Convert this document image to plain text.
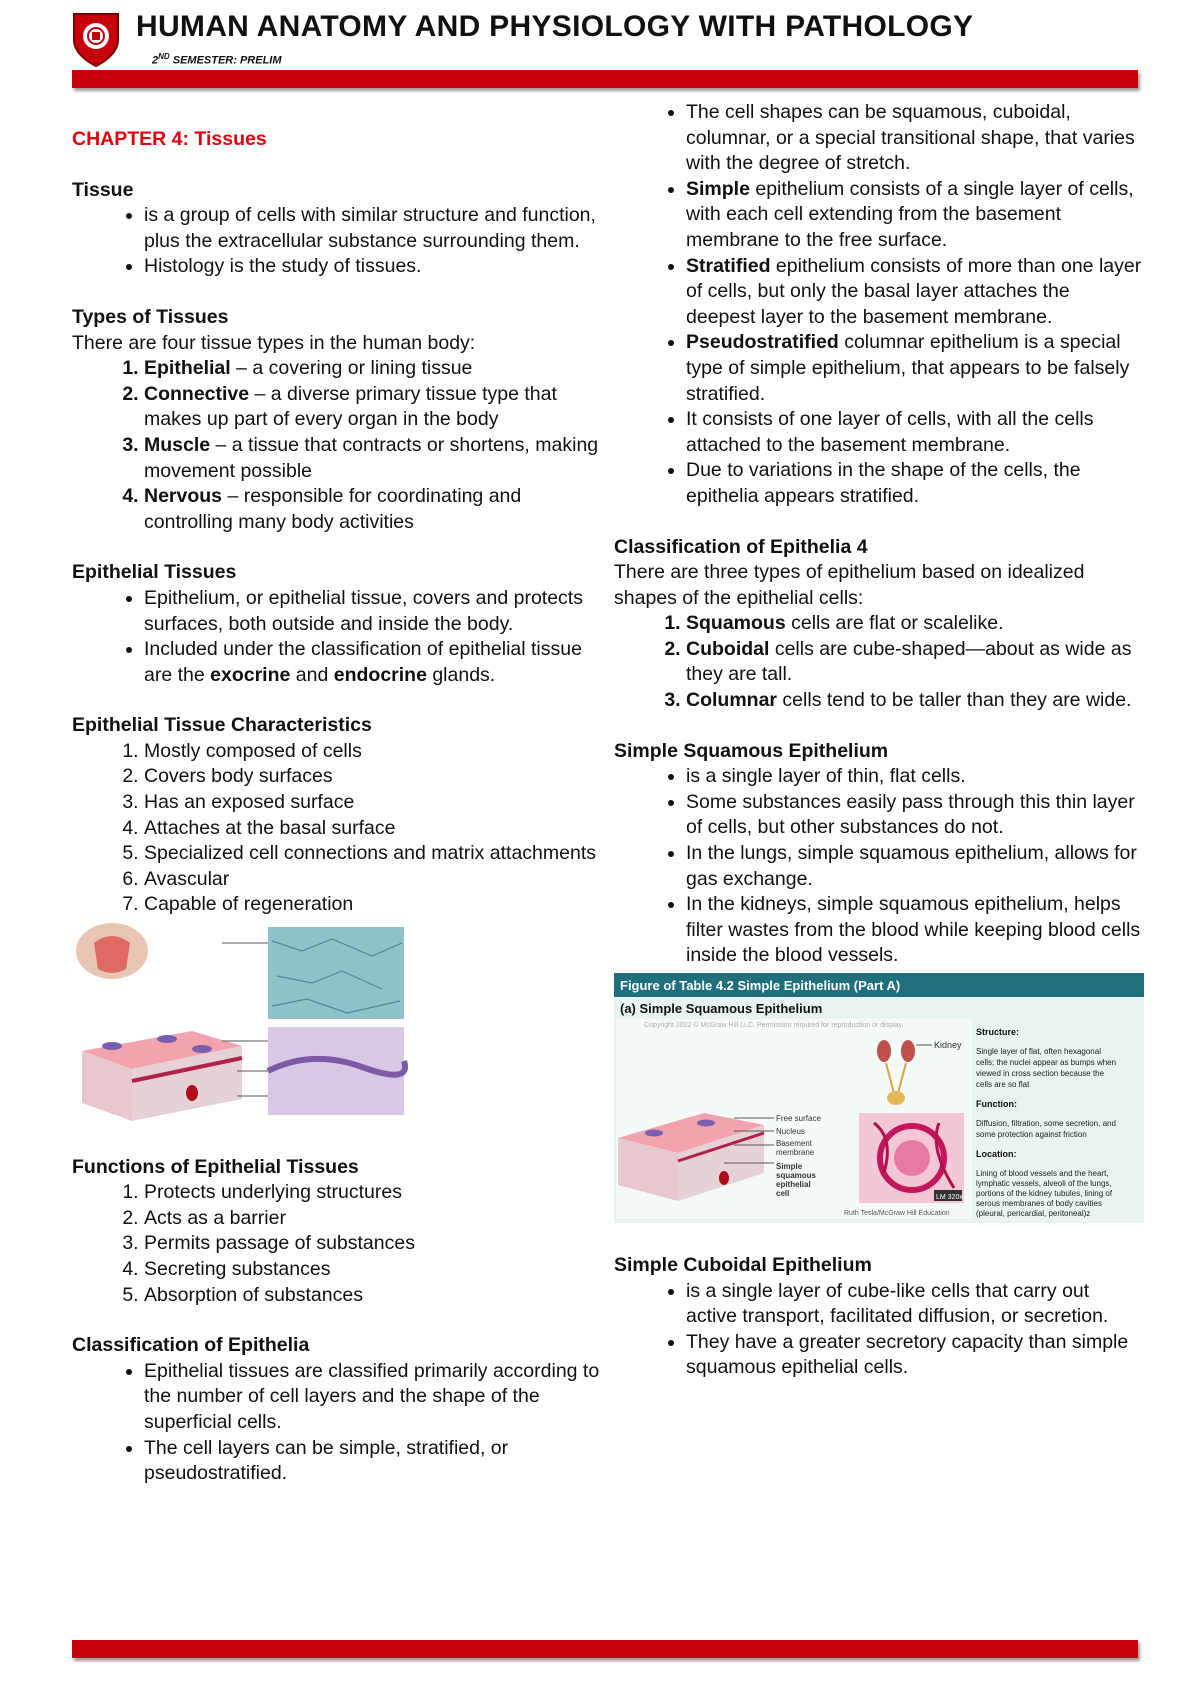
HUMAN ANATOMY AND PHYSIOLOGY WITH PATHOLOGY
2ND SEMESTER: PRELIM

CHAPTER 4: Tissues

Tissue
• is a group of cells with similar structure and function, plus the extracellular substance surrounding them.
• Histology is the study of tissues.
Types of Tissues

There are four tissue types in the human body:

1. Epithelial – a covering or lining tissue
2. Connective – a diverse primary tissue type that makes up part of every organ in the body
3. Muscle – a tissue that contracts or shortens, making movement possible
4. Nervous – responsible for coordinating and controlling many body activities
Epithelial Tissues
• Epithelium, or epithelial tissue, covers and protects surfaces, both outside and inside the body.
• Included under the classification of epithelial tissue are the exocrine and endocrine glands.
Epithelial Tissue Characteristics
1. Mostly composed of cells
2. Covers body surfaces
3. Has an exposed surface
4. Attaches at the basal surface
5. Specialized cell connections and matrix attachments
6. Avascular
7. Capable of regeneration
Functions of Epithelial Tissues
1. Protects underlying structures
2. Acts as a barrier
3. Permits passage of substances
4. Secreting substances
5. Absorption of substances
Classification of Epithelia
• Epithelial tissues are classified primarily according to the number of cell layers and the shape of the superficial cells.
• The cell layers can be simple, stratified, or pseudostratified.
• The cell shapes can be squamous, cuboidal, columnar, or a special transitional shape, that varies with the degree of stretch.
• Simple epithelium consists of a single layer of cells, with each cell extending from the basement membrane to the free surface.
• Stratified epithelium consists of more than one layer of cells, but only the basal layer attaches the deepest layer to the basement membrane.
• Pseudostratified columnar epithelium is a special type of simple epithelium, that appears to be falsely stratified.
• It consists of one layer of cells, with all the cells attached to the basement membrane.
• Due to variations in the shape of the cells, the epithelia appears stratified.
Classification of Epithelia 4

There are three types of epithelium based on idealized shapes of the epithelial cells:

1. Squamous cells are flat or scalelike.
2. Cuboidal cells are cube-shaped—about as wide as they are tall.
3. Columnar cells tend to be taller than they are wide.
Simple Squamous Epithelium
• is a single layer of thin, flat cells.
• Some substances easily pass through this thin layer of cells, but other substances do not.
• In the lungs, simple squamous epithelium, allows for gas exchange.
• In the kidneys, simple squamous epithelium, helps filter wastes from the blood while keeping blood cells inside the blood vessels.
Figure of Table 4.2 Simple Epithelium (Part A)
(a) Simple Squamous Epithelium
Kidney
Free surface
Nucleus
Basement
membrane
Simple
squamous
epithelial
cell	LM 320x
Ruth Tesla/McGraw Hill Education
Structure:
Single layer of flat, often hexagonal
cells; the nuclei appear as bumps when
viewed in cross section because the
cells are so flat
Function:
Diffusion, filtration, some secretion, and
some protection against friction
Location:
Lining of blood vessels and the heart,
lymphatic vessels, alveoli of the lungs,
portions of the kidney tubules, lining of
serous membranes of body cavities
(pleural, pericardial, peritoneal)z
Simple Cuboidal Epithelium
• is a single layer of cube-like cells that carry out active transport, facilitated diffusion, or secretion.
• They have a greater secretory capacity than simple squamous epithelial cells.
